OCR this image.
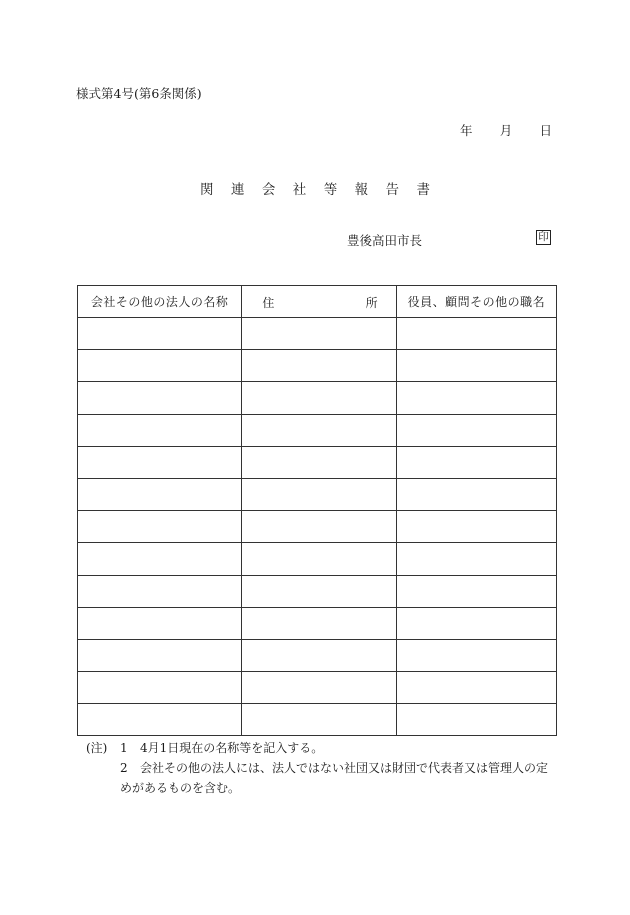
様式第4号(第6条関係)
年 月 日
関 連 会 社 等 報 告 書
豊後高田市長	印
会社その他の法人の名称	住 所	役員、顧問その他の職名

(注)	1	4月1日現在の名称等を記入する。
2	会社その他の法人には、法人ではない社団又は財団で代表者又は管理人の定
めがあるものを含む。
